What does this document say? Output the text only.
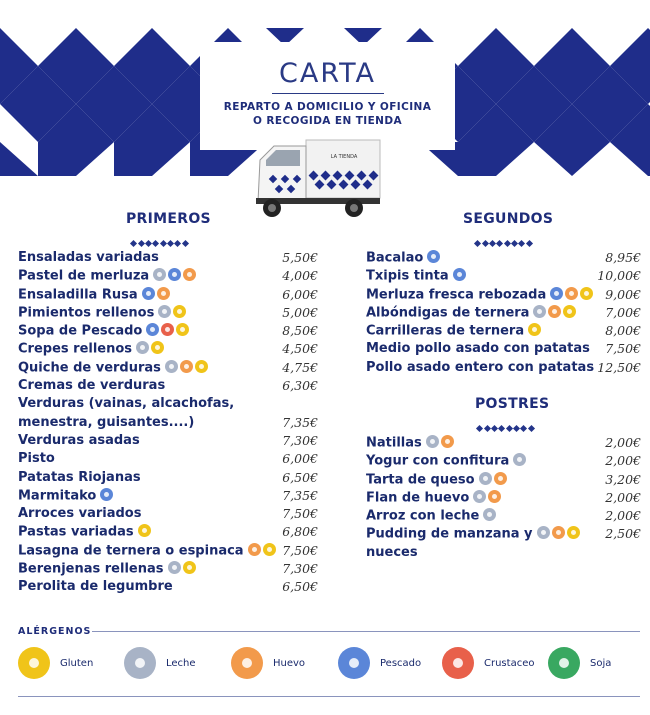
CARTA
REPARTO A DOMICILIO Y OFICINA
O RECOGIDA EN TIENDA
LA TIENDA
PRIMEROS
Ensaladas variadas	5,50€
Pastel de merluza	4,00€
Ensaladilla Rusa	6,00€
Pimientos rellenos	5,00€
Sopa de Pescado	8,50€
Crepes rellenos	4,50€
Quiche de verduras	4,75€
Cremas de verduras	6,30€
Verduras (vainas, alcachofas,
menestra, guisantes....)	7,35€
Verduras asadas	7,30€
Pisto	6,00€
Patatas Riojanas	6,50€
Marmitako	7,35€
Arroces variados	7,50€
Pastas variadas	6,80€
Lasagna de ternera o espinaca	7,50€
Berenjenas rellenas	7,30€
Perolita de legumbre	6,50€
SEGUNDOS
Bacalao	8,95€
Txipis tinta	10,00€
Merluza fresca rebozada	9,00€
Albóndigas de ternera	7,00€
Carrilleras de ternera	8,00€
Medio pollo asado con patatas 7,50€
Pollo asado entero con patatas 12,50€
POSTRES
Natillas	2,00€
Yogur con confitura	2,00€
Tarta de queso	3,20€
Flan de huevo	2,00€
Arroz con leche	2,00€
Pudding de manzana y	2,50€
nueces
ALÉRGENOS
Gluten	Leche	Huevo	Pescado	Crustaceo	Soja
